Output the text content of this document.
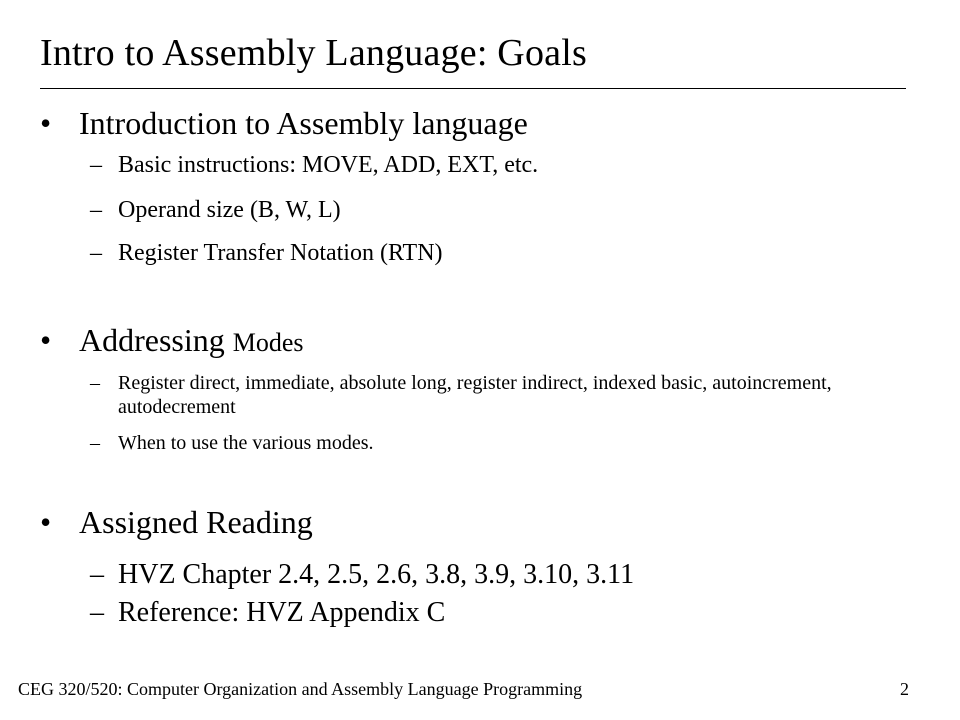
Intro to Assembly Language: Goals
• Introduction to Assembly language
– Basic instructions: MOVE, ADD, EXT, etc.
– Operand size (B, W, L)
– Register Transfer Notation (RTN)
• Addressing Modes
– Register direct, immediate, absolute long, register indirect, indexed basic, autoincrement, autodecrement
– When to use the various modes.
• Assigned Reading
– HVZ Chapter 2.4, 2.5, 2.6, 3.8, 3.9, 3.10, 3.11
– Reference: HVZ Appendix C
CEG 320/520: Computer Organization and Assembly Language Programming	2
